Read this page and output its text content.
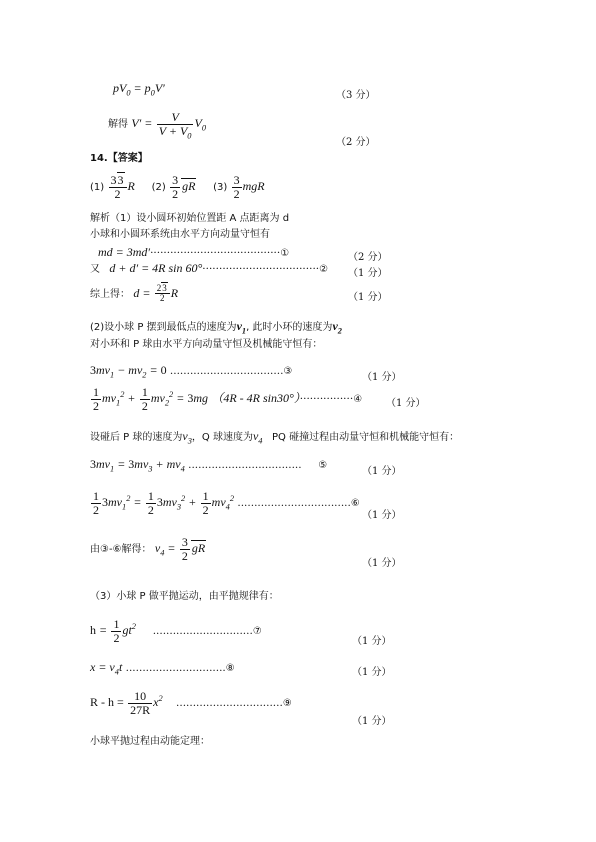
$pV_0 = p_0V'$
（3 分）
解得 $V' = \frac{V}{V + V_0} V_0$
（2 分）
14.【答案】
$(1) \frac{33}{2}$ R $(2) \frac{3}{2}$ gR $(3) \frac{3}{2}$ mgR
解析（1）设小圆环初始位置距 A 点距离为 d
小球和小圆环系统由水平方向动量守恒有
md = 3md′·······································①	（2 分）
又   d + d′ = 4R sin 60°···································② （1 分）
综上得： $d = \frac{23}{2}$ R	（1 分）
(2)设小球 P 摆到最低点的速度为$v_1$, 此时小环的速度为$v_2$
对小环和 P 球由水平方向动量守恒及机械能守恒有：
$3mv_1 - mv_2 = 0$ ..................................③
（1 分）
$\frac{1}{2} mv_1^2 + \frac{1}{2} mv_2^2 = 3mg$ （4R - 4R sin30°）················④ （1 分）
设碰后 P 球的速度为$v_3$，Q 球速度为$v_4$ PQ 碰撞过程由动量守恒和机械能守恒有：
$3mv_1 = 3mv_3 + mv_4$ .................................. ⑤
（1 分）
$\frac{1}{2} 3mv_1^2 = \frac{1}{2} 3mv_3^2 + \frac{1}{2} mv_4^2$ ..................................⑥
（1 分）
由③-⑥解得： $v_4 = \frac{3}{2}$ gR
（1 分）
（3）小球 P 做平抛运动，由平抛规律有：
$h = \frac{1}{2} gt^2$ ..............................⑦
（1 分）
$x = v_4t$ ..............................⑧	（1 分）
$R - h = \frac{10}{27R} x^2$ ................................⑨
（1 分）
小球平抛过程由动能定理：
